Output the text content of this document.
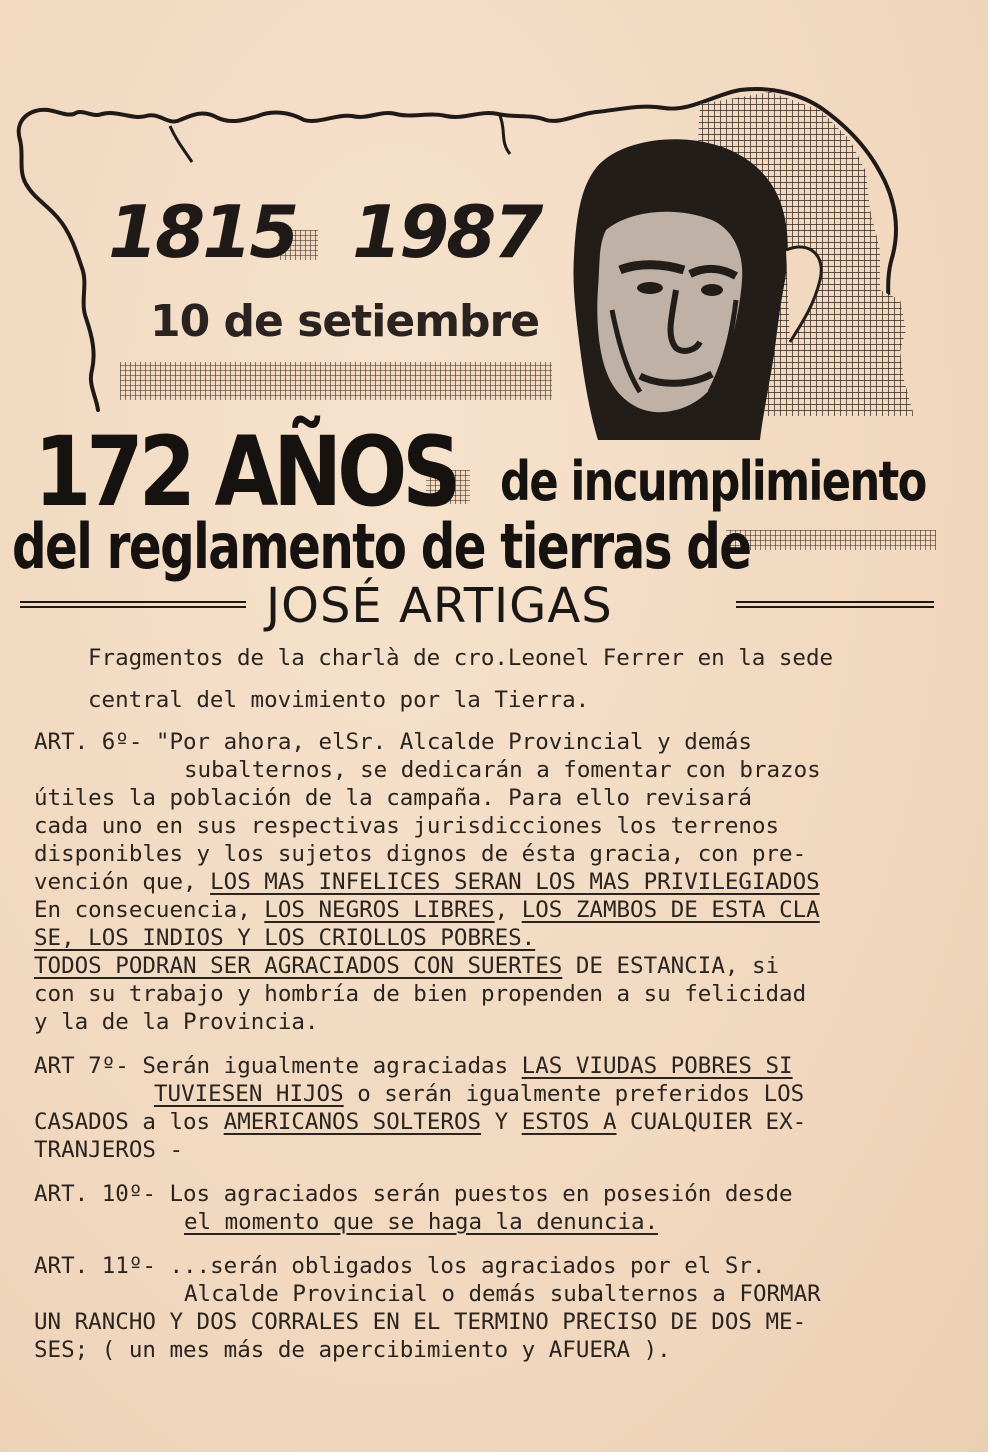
1815 1987
10 de setiembre
172 AÑOS de incumplimiento
del reglamento de tierras de
JOSÉ ARTIGAS
Fragmentos de la charlà de cro.Leonel Ferrer en la sede
central del movimiento por la Tierra.
ART. 6º- "Por ahora, elSr. Alcalde Provincial y demás
subalternos, se dedicarán a fomentar con brazos
útiles la población de la campaña. Para ello revisará
cada uno en sus respectivas jurisdicciones los terrenos
disponibles y los sujetos dignos de ésta gracia, con pre-
vención que, LOS MAS INFELICES SERAN LOS MAS PRIVILEGIADOS
En consecuencia, LOS NEGROS LIBRES, LOS ZAMBOS DE ESTA CLA
SE, LOS INDIOS Y LOS CRIOLLOS POBRES.
TODOS PODRAN SER AGRACIADOS CON SUERTES DE ESTANCIA, si
con su trabajo y hombría de bien propenden a su felicidad
y la de la Provincia.
ART 7º- Serán igualmente agraciadas LAS VIUDAS POBRES SI
TUVIESEN HIJOS o serán igualmente preferidos LOS
CASADOS a los AMERICANOS SOLTEROS Y ESTOS A CUALQUIER EX-
TRANJEROS -
ART. 10º- Los agraciados serán puestos en posesión desde
el momento que se haga la denuncia.
ART. 11º- ...serán obligados los agraciados por el Sr.
Alcalde Provincial o demás subalternos a FORMAR
UN RANCHO Y DOS CORRALES EN EL TERMINO PRECISO DE DOS ME-
SES; ( un mes más de apercibimiento y AFUERA ).
